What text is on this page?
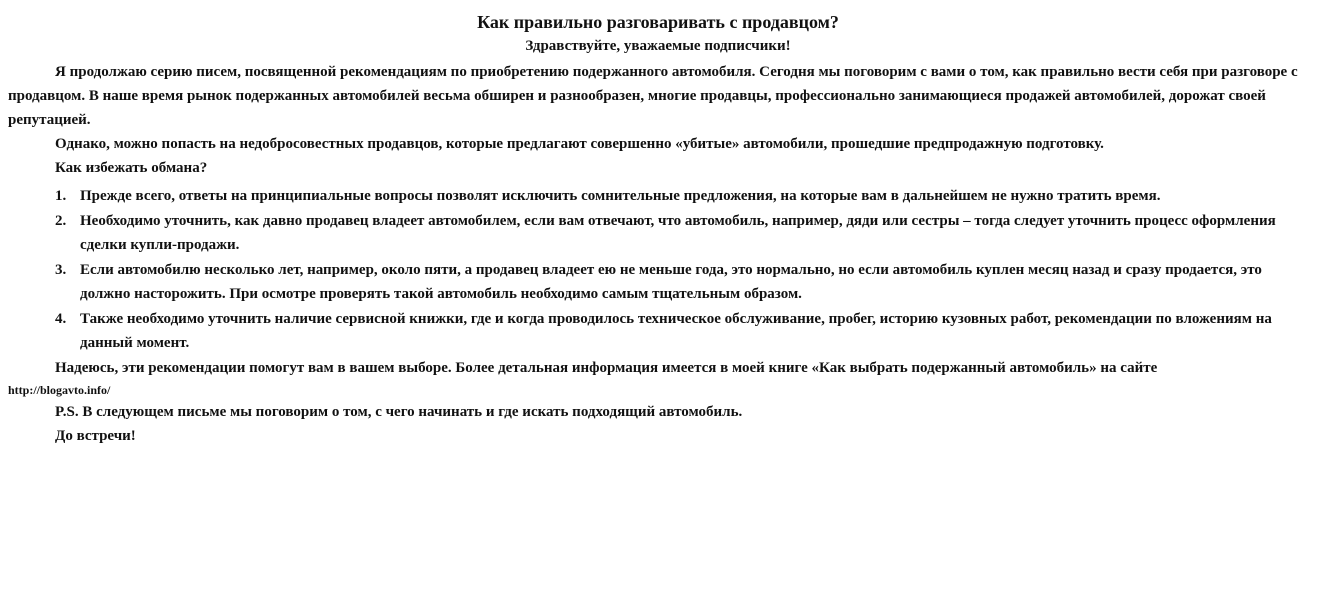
Как правильно разговаривать с продавцом?
Здравствуйте, уважаемые подписчики!

Я продолжаю серию писем, посвященной рекомендациям по приобретению подержанного автомобиля. Сегодня мы поговорим с вами о том, как правильно вести себя при разговоре с продавцом. В наше время рынок подержанных автомобилей весьма обширен и разнообразен, многие продавцы, профессионально занимающиеся продажей автомобилей, дорожат своей репутацией.

Однако, можно попасть на недобросовестных продавцов, которые предлагают совершенно «убитые» автомобили, прошедшие предпродажную подготовку.

Как избежать обмана?

1. Прежде всего, ответы на принципиальные вопросы позволят исключить сомнительные предложения, на которые вам в дальнейшем не нужно тратить время.
2. Необходимо уточнить, как давно продавец владеет автомобилем, если вам отвечают, что автомобиль, например, дяди или сестры – тогда следует уточнить процесс оформления сделки купли-продажи.
3. Если автомобилю несколько лет, например, около пяти, а продавец владеет ею не меньше года, это нормально, но если автомобиль куплен месяц назад и сразу продается, это должно насторожить. При осмотре проверять такой автомобиль необходимо самым тщательным образом.
4. Также необходимо уточнить наличие сервисной книжки, где и когда проводилось техническое обслуживание, пробег, историю кузовных работ, рекомендации по вложениям на данный момент.

Надеюсь, эти рекомендации помогут вам в вашем выборе. Более детальная информация имеется в моей книге «Как выбрать подержанный автомобиль» на сайте

http://blogavto.info/

P.S. В следующем письме мы поговорим о том, с чего начинать и где искать подходящий автомобиль.

До встречи!
